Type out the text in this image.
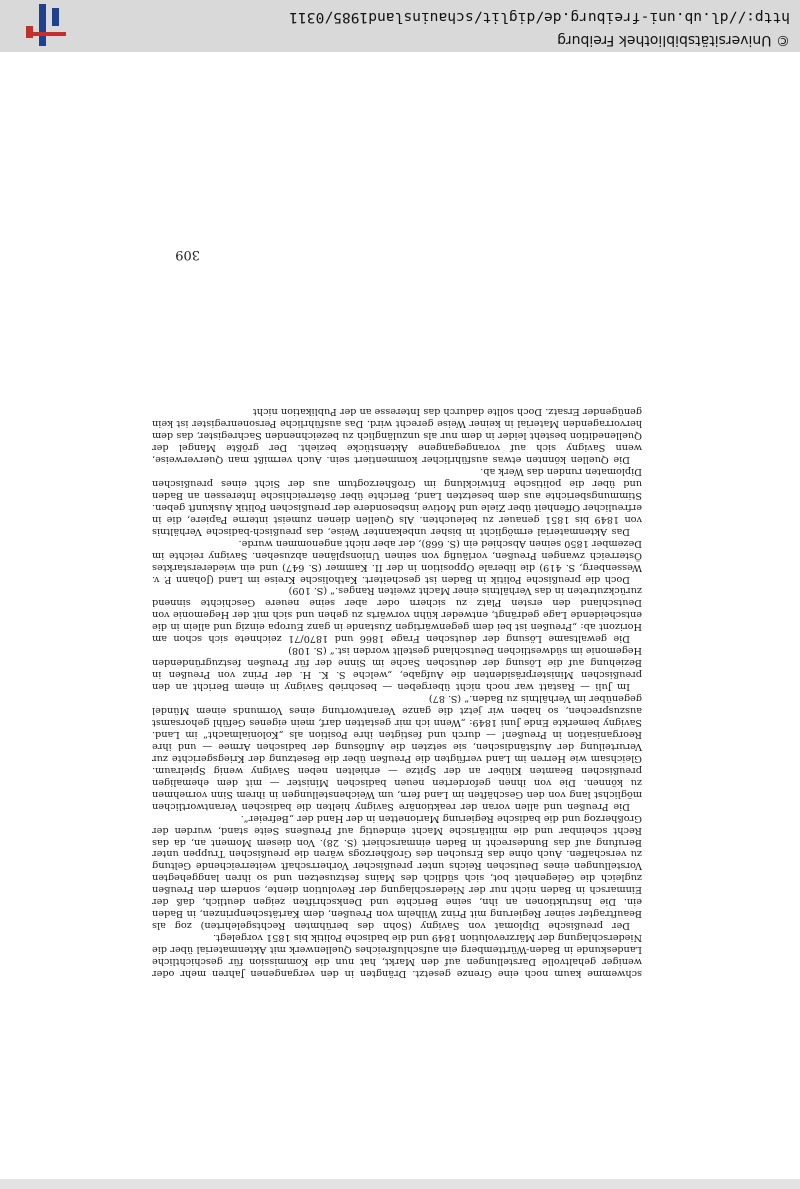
schwemme kaum noch eine Grenze gesetzt. Drängten in den vergangenen Jahren mehr oder weniger gehaltvolle Darstellungen auf den Markt, hat nun die Kommission für geschichtliche Landeskunde in Baden-Württemberg ein aufschlußreiches Quellenwerk mit Aktenmaterial über die Niederschlagung der Märzrevolution 1849 und die badische Politik bis 1851 vorgelegt.

Der preußische Diplomat von Savigny (Sohn des berühmten Rechtsgelehrten) zog als Beauftragter seiner Regierung mit Prinz Wilhelm von Preußen, dem Kartätschenprinzen, in Baden ein. Die Instruktionen an ihn, seine Berichte und Denkschriften zeigen deutlich, daß der Einmarsch in Baden nicht nur der Niederschlagung der Revolution diente, sondern den Preußen zugleich die Gelegenheit bot, sich südlich des Mains festzusetzen und so ihren langgehegten Vorstellungen eines Deutschen Reichs unter preußischer Vorherrschaft weiterreichende Geltung zu verschaffen. Auch ohne das Ersuchen des Großherzogs wären die preußischen Truppen unter Berufung auf das Bundesrecht in Baden einmarschiert (S. 28). Von diesem Moment an, da das Recht scheinbar und die militärische Macht eindeutig auf Preußens Seite stand, wurden der Großherzog und die badische Regierung Marionetten in der Hand der „Befreier“.

Die Preußen und allen voran der reaktionäre Savigny hielten die badischen Verantwortlichen möglichst lang von den Geschäften im Land fern, um Weichenstellungen in ihrem Sinn vornehmen zu können. Die von ihnen geforderten neuen badischen Minister — mit dem ehemaligen preußischen Beamten Klüber an der Spitze — erhielten neben Savigny wenig Spielraum. Gleichsam wie Herren im Land verfügten die Preußen über die Besetzung der Kriegsgerichte zur Verurteilung der Aufständischen, sie setzten die Auflösung der badischen Armee — und ihre Reorganisation in Preußen! — durch und festigten ihre Position als „Kolonialmacht“ im Land. Savigny bemerkte Ende Juni 1849: „Wenn ich mir gestatten darf, mein eigenes Gefühl gehorsamst auszusprechen, so haben wir jetzt die ganze Verantwortung eines Vormunds einem Mündel gegenüber im Verhältnis zu Baden.“ (S. 87)

Im Juli — Rastatt war noch nicht übergeben — beschrieb Savigny in einem Bericht an den preußischen Ministerpräsidenten die Aufgabe, „welche S. K. H. der Prinz von Preußen in Beziehung auf die Lösung der deutschen Sache im Sinne der für Preußen festzugründenden Hegemonie im südwestlichen Deutschland gestellt worden ist.“ (S. 108)

Die gewaltsame Lösung der deutschen Frage 1866 und 1870/71 zeichnete sich schon am Horizont ab: „Preußen ist bei dem gegenwärtigen Zustande in ganz Europa einzig und allein in die entscheidende Lage gedrängt, entweder kühn vorwärts zu gehen und sich mit der Hegemonie von Deutschland den ersten Platz zu sichern oder aber seine neuere Geschichte sinnend zurückzutreten in das Verhältnis einer Macht zweiten Ranges.“ (S. 109)

Doch die preußische Politik in Baden ist gescheitert. Katholische Kreise im Land (Johann P. v. Wessenberg, S. 419) die liberale Opposition in der II. Kammer (S. 647) und ein wiedererstarktes Österreich zwangen Preußen, vorläufig von seinen Unionsplänen abzusehen. Savigny reichte im Dezember 1850 seinen Abschied ein (S. 668), der aber nicht angenommen wurde.

Das Aktenmaterial ermöglicht in bisher unbekannter Weise, das preußisch-badische Verhältnis von 1849 bis 1851 genauer zu beleuchten. Als Quellen dienen zumeist interne Papiere, die in erfreulicher Offenheit über Ziele und Motive insbesondere der preußischen Politik Auskunft geben. Stimmungsberichte aus dem besetzten Land, Berichte über österreichische Interessen an Baden und über die politische Entwicklung im Großherzogtum aus der Sicht eines preußischen Diplomaten runden das Werk ab.

Die Quellen könnten etwas ausführlicher kommentiert sein. Auch vermißt man Querverweise, wenn Savigny sich auf vorangegangene Aktenstücke bezieht. Der größte Mangel der Quellenedition besteht leider in dem nur als unzulänglich zu bezeichnenden Sachregister, das dem hervorragenden Material in keiner Weise gerecht wird. Das ausführliche Personenregister ist kein genügender Ersatz. Doch sollte dadurch das Interesse an der Publikation nicht

309
© Universitätsbibliothek Freiburg
http://dl.ub.uni-freiburg.de/diglit/schauinsland1985/0311
